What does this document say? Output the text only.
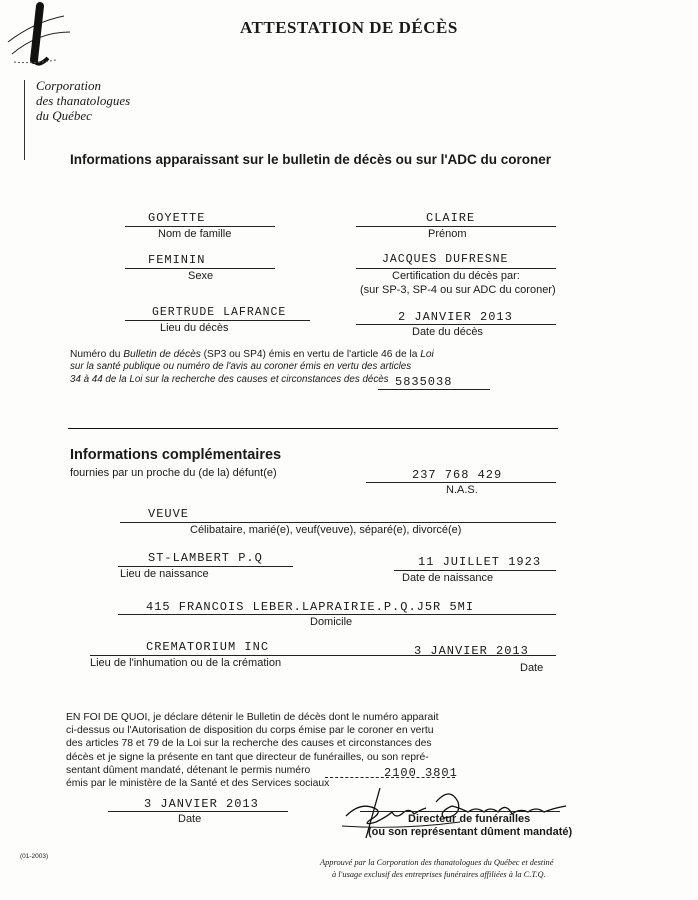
Corporation
des thanatologues
du Québec
ATTESTATION DE DÉCÈS
Informations apparaissant sur le bulletin de décès ou sur l'ADC du coroner
GOYETTE
Nom de famille
CLAIRE
Prénom
FEMININ
Sexe
JACQUES DUFRESNE
Certification du décès par:
(sur SP-3, SP-4 ou sur ADC du coroner)
GERTRUDE LAFRANCE
Lieu du décès
2 JANVIER 2013
Date du décès
Numéro du Bulletin de décès (SP3 ou SP4) émis en vertu de l'article 46 de la Loi
sur la santé publique ou numéro de l'avis au coroner émis en vertu des articles
34 à 44 de la Loi sur la recherche des causes et circonstances des décès 5835038
Informations complémentaires
fournies par un proche du (de la) défunt(e)	237 768 429
N.A.S.
VEUVE
Célibataire, marié(e), veuf(veuve), séparé(e), divorcé(e)
ST-LAMBERT P.Q
Lieu de naissance
11 JUILLET 1923
Date de naissance
415 FRANCOIS LEBER.LAPRAIRIE.P.Q.J5R 5MI
Domicile
CREMATORIUM INC	3 JANVIER 2013
Lieu de l'inhumation ou de la crémation	Date
EN FOI DE QUOI, je déclare détenir le Bulletin de décès dont le numéro apparait
ci-dessus ou l'Autorisation de disposition du corps émise par le coroner en vertu
des articles 78 et 79 de la Loi sur la recherche des causes et circonstances des
décès et je signe la présente en tant que directeur de funérailles, ou son repré-
sentant dûment mandaté, détenant le permis numéro
émis par le ministère de la Santé et des Services sociaux
2100 3801
3 JANVIER 2013
Date	Directeur de funérailles
(ou son représentant dûment mandaté)
(01-2003)
Approuvé par la Corporation des thanatologues du Québec et destiné
à l'usage exclusif des entreprises funéraires affiliées à la C.T.Q.
